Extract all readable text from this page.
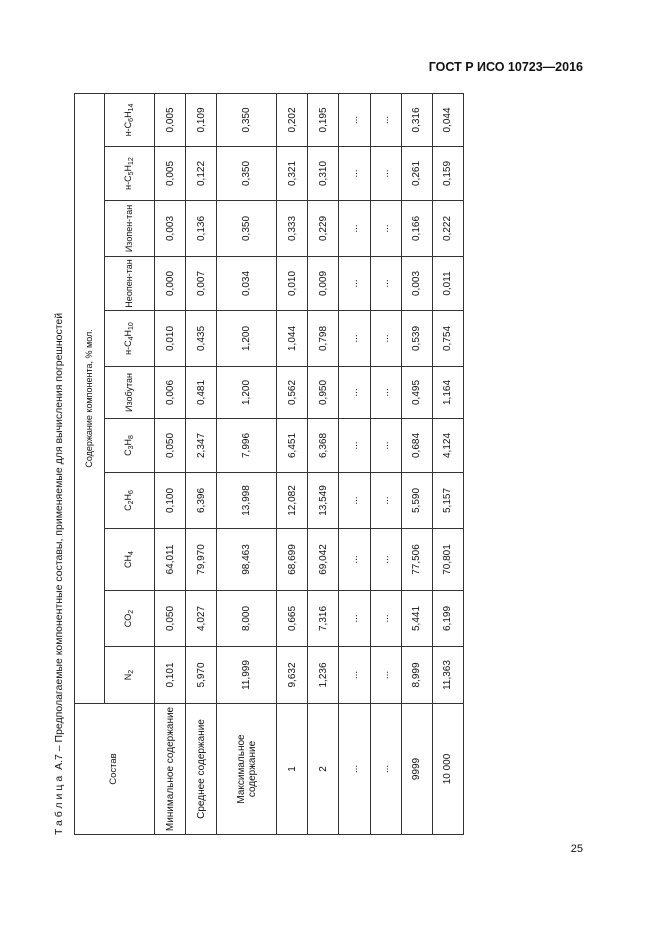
ГОСТ Р ИСО 10723—2016
Таблица А.7 – Предполагаемые компонентные составы, применяемые для вычисления погрешностей	Состав	Содержание компонента, % мол.										
	$N_2$	$CO_2$	$CH_4$	$C_2H_6$	$C_3H_8$	Изобутан	$н-C_4H_{10}$	Неопен-тан	Изопен-тан	$н-C_5H_{12}$	$н-C_6H_{14}$
Минимальное содержание	0,101	0,050	64,011	0,100	0,050	0,006	0,010	0,000	0,003	0,005	0,005
Среднее содержание	5,970	4,027	79,970	6,396	2,347	0,481	0,435	0,007	0,136	0,122	0,109
Максимальное содержание	11,999	8,000	98,463	13,998	7,996	1,200	1,200	0,034	0,350	0,350	0,350
1	9,632	0,665	68,699	12,082	6,451	0,562	1,044	0,010	0,333	0,321	0,202
2	1,236	7,316	69,042	13,549	6,368	0,950	0,798	0,009	0,229	0,310	0,195
...	...	...	...	...	...	...	...	...	...	...	...
...	...	...	...	...	...	...	...	...	...	...	...
9999	8,999	5,441	77,506	5,590	0,684	0,495	0,539	0,003	0,166	0,261	0,316
10 000	11,363	6,199	70,801	5,157	4,124	1,164	0,754	0,011	0,222	0,159	0,044
25
